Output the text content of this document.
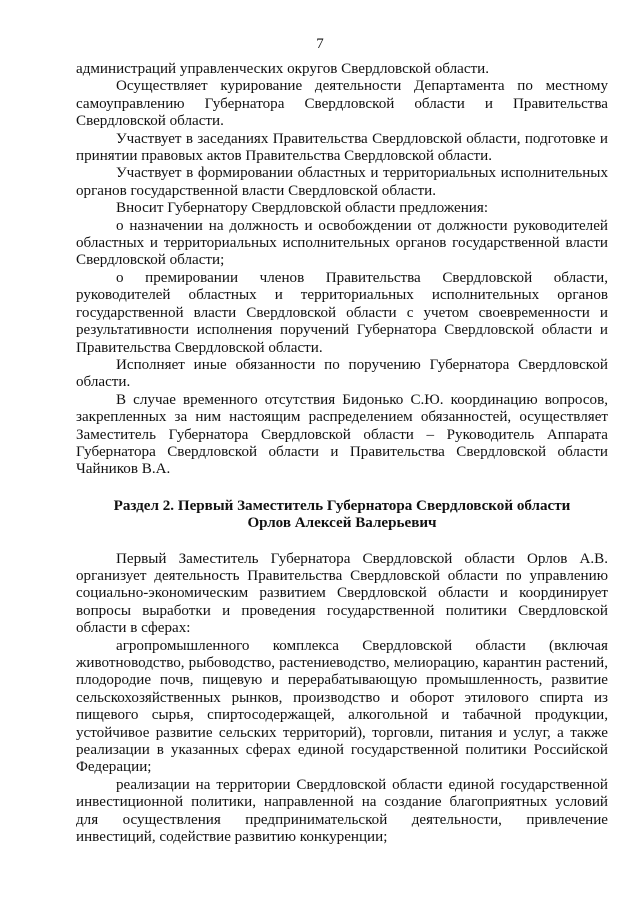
7

администраций управленческих округов Свердловской области.

Осуществляет курирование деятельности Департамента по местному самоуправлению Губернатора Свердловской области и Правительства Свердловской области.

Участвует в заседаниях Правительства Свердловской области, подготовке и принятии правовых актов Правительства Свердловской области.

Участвует в формировании областных и территориальных исполнительных органов государственной власти Свердловской области.

Вносит Губернатору Свердловской области предложения:

о назначении на должность и освобождении от должности руководителей областных и территориальных исполнительных органов государственной власти Свердловской области;

о премировании членов Правительства Свердловской области, руководителей областных и территориальных исполнительных органов государственной власти Свердловской области с учетом своевременности и результативности исполнения поручений Губернатора Свердловской области и Правительства Свердловской области.

Исполняет иные обязанности по поручению Губернатора Свердловской области.

В случае временного отсутствия Бидонько С.Ю. координацию вопросов, закрепленных за ним настоящим распределением обязанностей, осуществляет Заместитель Губернатора Свердловской области – Руководитель Аппарата Губернатора Свердловской области и Правительства Свердловской области Чайников В.А.

Раздел 2. Первый Заместитель Губернатора Свердловской области
Орлов Алексей Валерьевич

Первый Заместитель Губернатора Свердловской области Орлов А.В. организует деятельность Правительства Свердловской области по управлению социально-экономическим развитием Свердловской области и координирует вопросы выработки и проведения государственной политики Свердловской области в сферах:

агропромышленного комплекса Свердловской области (включая животноводство, рыбоводство, растениеводство, мелиорацию, карантин растений, плодородие почв, пищевую и перерабатывающую промышленность, развитие сельскохозяйственных рынков, производство и оборот этилового спирта из пищевого сырья, спиртосодержащей, алкогольной и табачной продукции, устойчивое развитие сельских территорий), торговли, питания и услуг, а также реализации в указанных сферах единой государственной политики Российской Федерации;

реализации на территории Свердловской области единой государственной инвестиционной политики, направленной на создание благоприятных условий для осуществления предпринимательской деятельности, привлечение инвестиций, содействие развитию конкуренции;
